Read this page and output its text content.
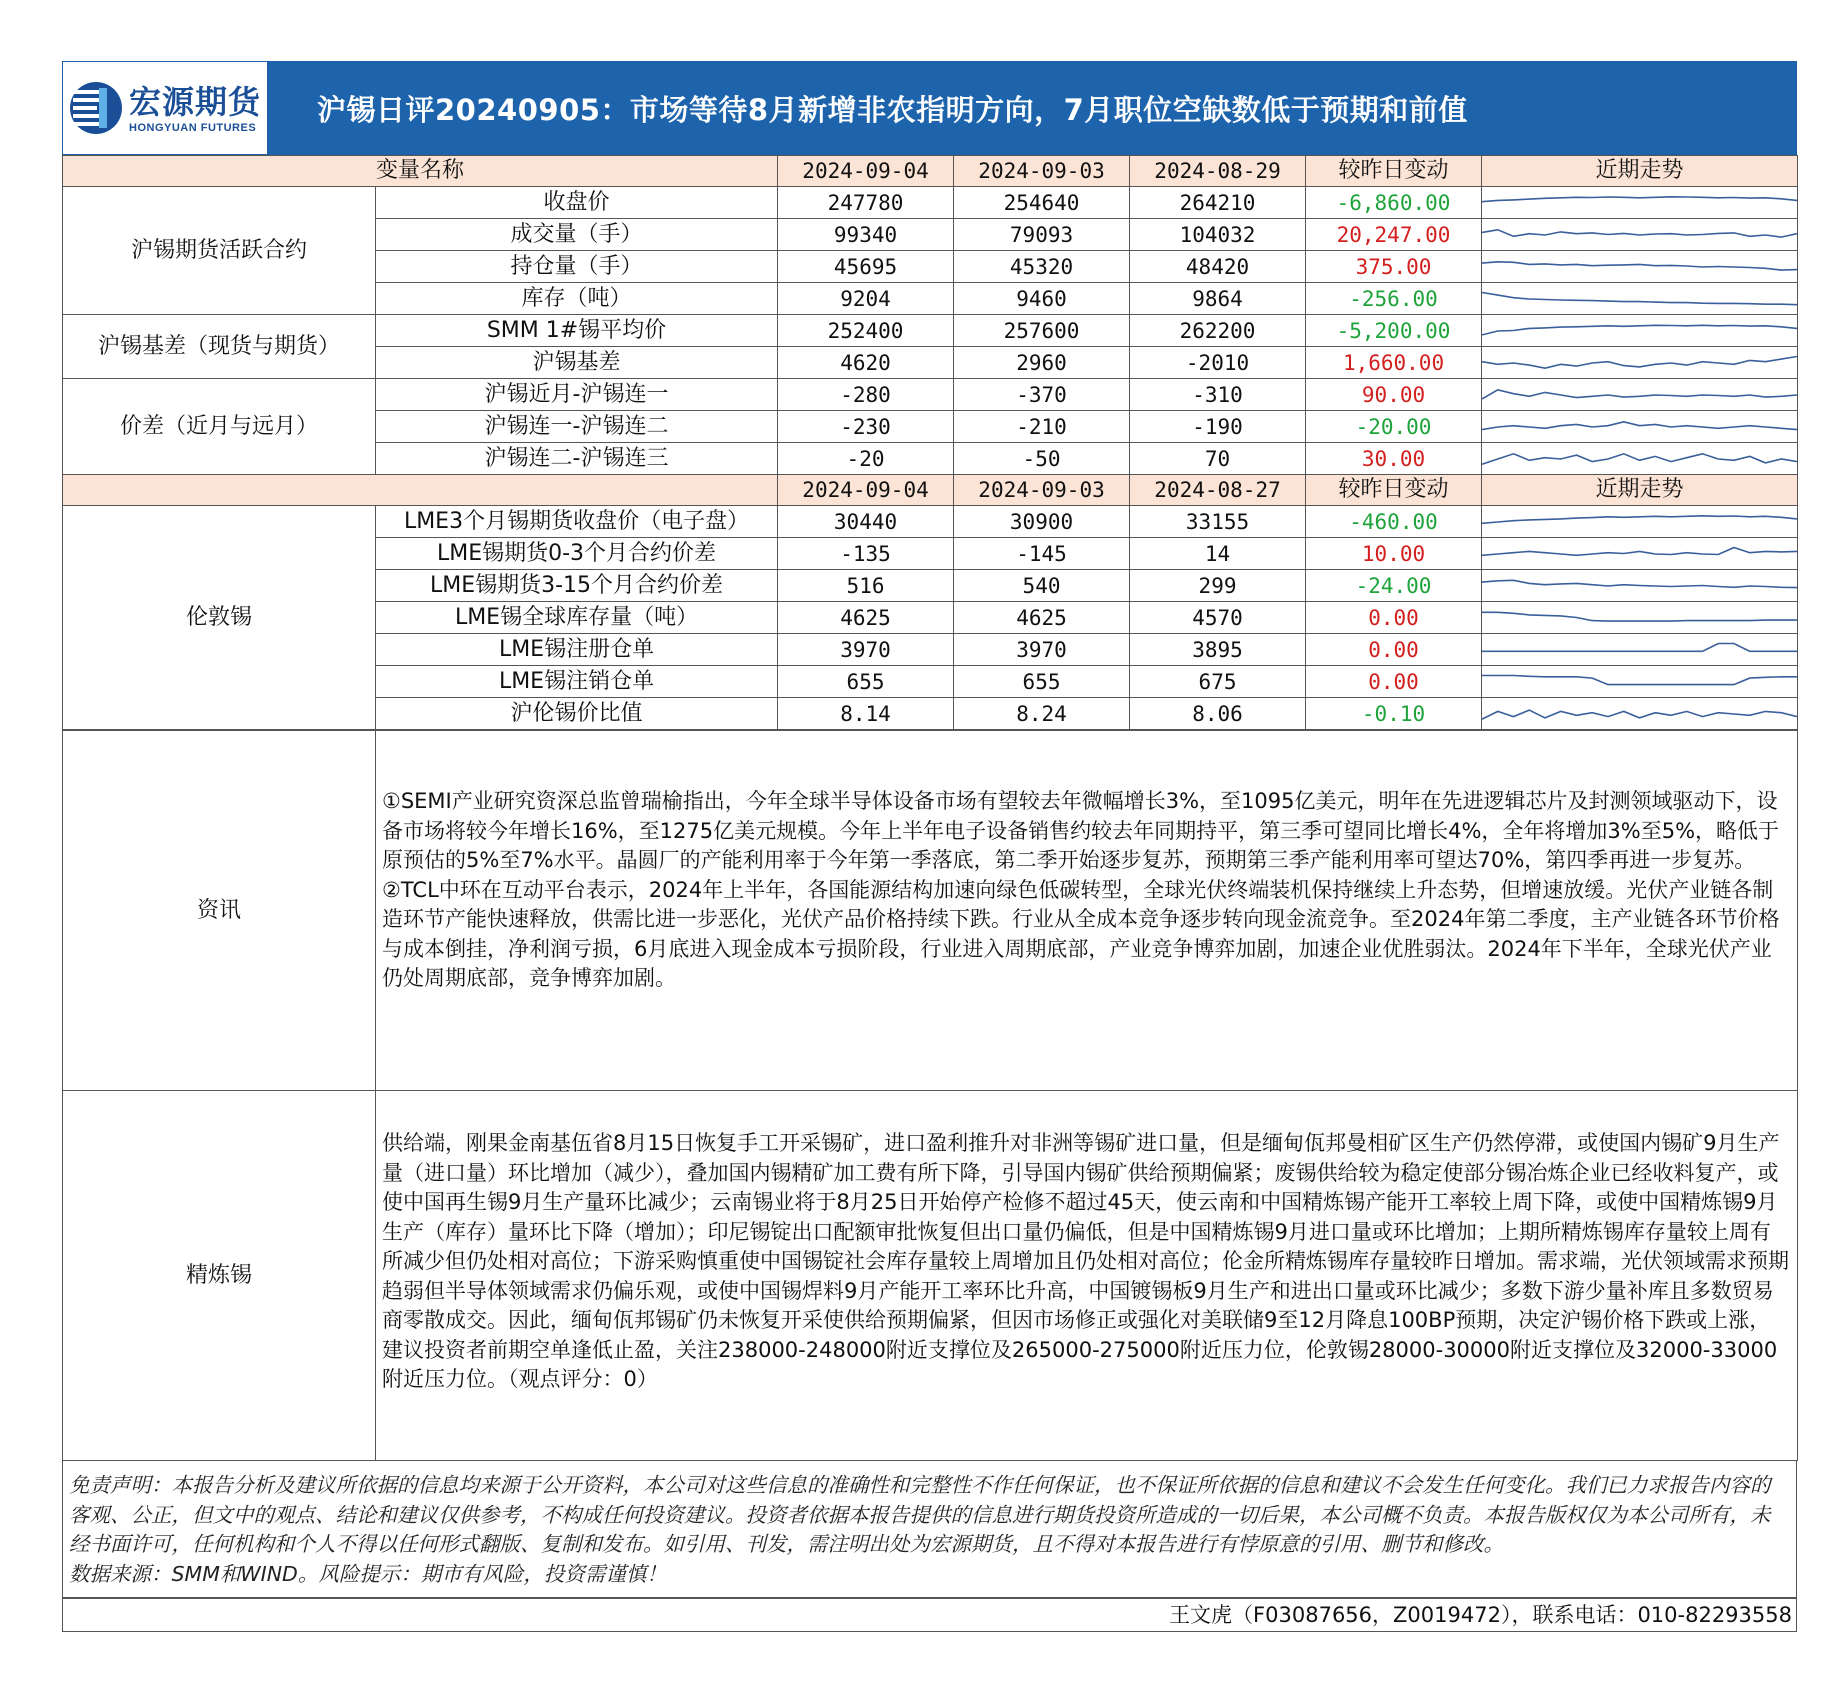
宏源期货
HONGYUAN FUTURES
沪锡日评20240905：市场等待8月新增非农指明方向，7月职位空缺数低于预期和前值
变量名称		2024-09-04	2024-09-03	2024-08-29	较昨日变动	近期走势
沪锡期货活跃合约	收盘价	247780	254640	264210	-6,860.00	

	成交量（手）	99340	79093	104032	20,247.00	

	持仓量（手）	45695	45320	48420	375.00	

	库存（吨）	9204	9460	9864	-256.00	

沪锡基差（现货与期货）	SMM 1#锡平均价	252400	257600	262200	-5,200.00	

	沪锡基差	4620	2960	-2010	1,660.00	

价差（近月与远月）	沪锡近月-沪锡连一	-280	-370	-310	90.00	

	沪锡连一-沪锡连二	-230	-210	-190	-20.00	

	沪锡连二-沪锡连三	-20	-50	70	30.00	

		2024-09-04	2024-09-03	2024-08-27	较昨日变动	近期走势
伦敦锡	LME3个月锡期货收盘价（电子盘）	30440	30900	33155	-460.00	

	LME锡期货0-3个月合约价差	-135	-145	14	10.00	

	LME锡期货3-15个月合约价差	516	540	299	-24.00	

	LME锡全球库存量（吨）	4625	4625	4570	0.00	

	LME锡注册仓单	3970	3970	3895	0.00	

	LME锡注销仓单	655	655	675	0.00	

	沪伦锡价比值	8.14	8.24	8.06	-0.10	
资讯	①SEMI产业研究资深总监曾瑞榆指出，今年全球半导体设备市场有望较去年微幅增长3%，至1095亿美元，明年在先进逻辑芯片及封测领域驱动下，设备市场将较今年增长16%，至1275亿美元规模。今年上半年电子设备销售约较去年同期持平，第三季可望同比增长4%，全年将增加3%至5%，略低于原预估的5%至7%水平。晶圆厂的产能利用率于今年第一季落底，第二季开始逐步复苏，预期第三季产能利用率可望达70%，第四季再进一步复苏。
②TCL中环在互动平台表示，2024年上半年，各国能源结构加速向绿色低碳转型，全球光伏终端装机保持继续上升态势，但增速放缓。光伏产业链各制造环节产能快速释放，供需比进一步恶化，光伏产品价格持续下跌。行业从全成本竞争逐步转向现金流竞争。至2024年第二季度，主产业链各环节价格与成本倒挂，净利润亏损，6月底进入现金成本亏损阶段，行业进入周期底部，产业竞争博弈加剧，加速企业优胜弱汰。2024年下半年，全球光伏产业仍处周期底部，竞争博弈加剧。

精炼锡	供给端，刚果金南基伍省8月15日恢复手工开采锡矿，进口盈利推升对非洲等锡矿进口量，但是缅甸佤邦曼相矿区生产仍然停滞，或使国内锡矿9月生产量（进口量）环比增加（减少），叠加国内锡精矿加工费有所下降，引导国内锡矿供给预期偏紧；废锡供给较为稳定使部分锡冶炼企业已经收料复产，或使中国再生锡9月生产量环比减少；云南锡业将于8月25日开始停产检修不超过45天，使云南和中国精炼锡产能开工率较上周下降，或使中国精炼锡9月生产（库存）量环比下降（增加）；印尼锡锭出口配额审批恢复但出口量仍偏低，但是中国精炼锡9月进口量或环比增加；上期所精炼锡库存量较上周有所减少但仍处相对高位；下游采购慎重使中国锡锭社会库存量较上周增加且仍处相对高位；伦金所精炼锡库存量较昨日增加。需求端，光伏领域需求预期趋弱但半导体领域需求仍偏乐观，或使中国锡焊料9月产能开工率环比升高，中国镀锡板9月生产和进出口量或环比减少；多数下游少量补库且多数贸易商零散成交。因此，缅甸佤邦锡矿仍未恢复开采使供给预期偏紧，但因市场修正或强化对美联储9至12月降息100BP预期，决定沪锡价格下跌或上涨，建议投资者前期空单逢低止盈，关注238000-248000附近支撑位及265000-275000附近压力位，伦敦锡28000-30000附近支撑位及32000-33000附近压力位。（观点评分：0）
免责声明：本报告分析及建议所依据的信息均来源于公开资料，本公司对这些信息的准确性和完整性不作任何保证，也不保证所依据的信息和建议不会发生任何变化。我们已力求报告内容的客观、公正，但文中的观点、结论和建议仅供参考，不构成任何投资建议。投资者依据本报告提供的信息进行期货投资所造成的一切后果，本公司概不负责。本报告版权仅为本公司所有，未经书面许可，任何机构和个人不得以任何形式翻版、复制和发布。如引用、刊发，需注明出处为宏源期货，且不得对本报告进行有悖原意的引用、删节和修改。
数据来源：SMM和WIND。风险提示：期市有风险，投资需谨慎！
王文虎（F03087656，Z0019472），联系电话：010-82293558
